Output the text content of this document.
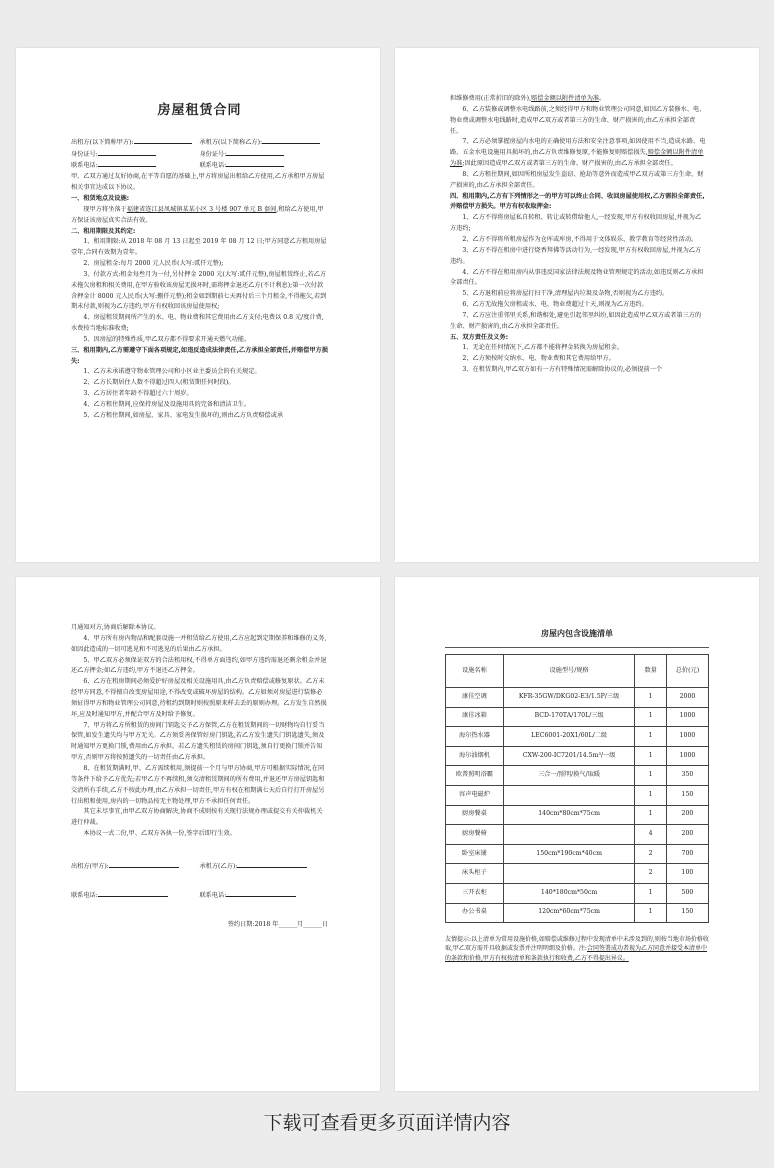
房屋租赁合同
出租方(以下简称甲方):	承租方(以下简称乙方):
身份证号:	身份证号:
联系电话:	联系电话:

甲、乙双方通过友好协商,在平等自愿的基础上,甲方将房屋出租给乙方使用,乙方承租甲方房屋相关事宜达成以下协议。

一、租赁地点及设施:

现甲方将坐落于福建省连江县凤城镇某某小区 3 号楼 907 单元 B 套间,租给乙方使用,甲方保证该房屋真实合法有效。

二、租用期限及其约定:

1、租用期限:从 2018 年 08 月 13 日起至 2019 年 08 月 12 日;甲方同意乙方租用房屋壹年,合同有效期为壹年。

2、房屋租金:每月 2000 元人民币(大写:贰仟元整);

3、付款方式:租金每叁月为一付,另付押金 2000 元(大写:贰仟元整),房屋租赁终止,若乙方未拖欠房租和相关费用,在甲方验收该房屋无损坏时,需将押金退还乙方(不计利息);第一次付款含押金计 8000 元人民币(大写:捌仟元整);租金如到期前七天再付后三个月租金,不得拖欠,若到期未付款,则视为乙方违约,甲方有权收回该房屋使用权;

4、房屋租赁期间所产生的水、电、物业费和其它费用由乙方支付;电费以 0.8 元/度计费,水费按当地标准收费;

5、因房屋的特殊性质,甲乙双方都不得要求开通天燃气功能。

三、租用期内,乙方需遵守下面各项规定,如违反造成法律责任,乙方承担全部责任,并赔偿甲方损失:

1、乙方未承诺遵守物业管理公司和小区业主委员会的有关规定。

2、乙方长期居住人数不得超过四人(租赁期任何时段)。

3、乙方居住者年龄不得超过六十周岁。

4、乙方租住期间,应保持房屋及设施用具的完备和清洁卫生。

5、乙方租住期间,如房屋、家具、家电发生损坏的,则由乙方负责赔偿或承

担维修费用(正常折旧的除外),赔偿金额以附件清单为准。

6、乙方装修或调整水电线路前,之须经得甲方和物业管理公司同意,如因乙方装修水、电、物业费或调整水电线路时,造成甲乙双方或者第三方的生命、财产损害的,由乙方承担全部责任。

7、乙方必须掌握房屋内水电的正确使用方法和安全注意事项,如因使用不当,造成水路、电路、五金水电设施用具损坏的,由乙方负责维修复原,不能修复则赔偿损失,赔偿金额以附件清单为准;因此原因造成甲乙双方或者第三方的生命、财产损害的,由乙方承担全部责任。

8、乙方租住期间,如因所租房屋发生盗窃、抢劫等意外而造成甲乙双方或第三方生命、财产损害的,由乙方承担全部责任。

四、租用期内,乙方有下列情形之一的甲方可以终止合同、收回房屋使用权,乙方需担全部责任,并赔偿甲方损失。甲方有权收取押金:

1、乙方不得将房屋私自转租、转让或转借给他人,一经发现,甲方有权收回房屋,并视为乙方违约;

2、乙方不得将所租房屋作为仓库或库房,不得用于文体娱乐、教学教育等经营性活动。

3、乙方不得在租房中进行烧香拜佛等活动行为,一经发现,甲方有权收回房屋,并视为乙方违约。

4、乙方不得在租用房内从事违反国家法律法规及物业管理规定的活动,如违反则乙方承担全部责任。

5、乙方退租前应将房屋打扫干净,清理屋内垃圾及杂物,否则视为乙方违约。

6、乙方无故拖欠房租或水、电、物业费超过十天,则视为乙方违约。

7、乙方应注重邻里关系,和谐相处,避免引起邻里纠纷,如因此造成甲乙双方或者第三方的生命、财产损害的,由乙方承担全部责任。

五、双方责任及义务:

1、无论在任何情况下,乙方都不能将押金转换为房屋租金。

2、乙方须按时交纳水、电、物业费和其它费用给甲方。

3、在租赁期内,甲乙双方如有一方有特殊情况需解除协议的,必须提前一个

月通知对方,协商后解除本协议。

4、甲方所有房内物品和配套设施一并租赁给乙方使用,乙方应起到定期保养和维修的义务,如因此造成的一切可逃见和不可逃见的后果由乙方承担。

5、甲乙双方必须保证双方的合法租用权,不得单方面违约,如甲方违约需退还剩余租金并退还乙方押金;如乙方违约,甲方不退还乙方押金。

6、乙方在租房期间必须爱护好房屋及相关设施用具,由乙方负责赔偿或修复原状。乙方未经甲方同意,不得擅自改变房屋用途,不得改变或破坏房屋的结构。乙方如须对房屋进行装修必须征得甲方和物业管理公司同意,待租约到期时则按照原来样去丢的原则办理。乙方发生自然损坏,应及时通知甲方,并配合甲方及时给予修复。

7、甲方将乙方所租赁的房间门钥匙交予乙方保管,乙方在租赁期间的一切财物均自行妥当保管,如发生遗失均与甲方无关。乙方须妥善保管好房门钥匙,若乙方发生遗失门钥匙遗失,须及时通知甲方更换门锁,费用由乙方承担。若乙方遗失租赁的房间门钥匙,须自行更换门锁并告知甲方,否则甲方将按照遗失的一切责任由乙方承担。

8、在租赁期满时,甲、乙方需续租用,须提前一个月与甲方协商,甲方可根据实际情况,在同等条件下给予乙方优先;若甲乙方不再续租,须交清租赁期间的所有费用,并退还甲方房屋钥匙和交清所有手续,乙方不按此办理,由乙方承担一切责任,甲方有权在租期满七天后自行打开房屋另行出租和使用,房内的一切物品按无主物处理,甲方不承担任何责任。

其它未尽事宜,由甲乙双方协商解决,协商不成则按有关现行法规办理或提交有关仲裁机关进行仲裁。

本协议一式二份,甲、乙双方各执一份,签字后即行生效。

出租方(甲方):	承租方(乙方):
联系电话:	联系电话:
签约日期:2018 年______月______日
房屋内包含设施清单
设施名称	设施型号/规格	数量	总价(元)
康佳空调	KFR-35GW/DKG02-E3/1.5P/三级	1	2000
康佳冰箱	BCD-170TA/170L/三级	1	1000
海尔热水器	LEC6001-20X1/60L/二级	1	1000
海尔油烟机	CXW-200-IC7201/14.5m³/一级	1	1000
欧普照明浴霸	三合一/照明/换气/取暖	1	350
容声电磁炉		1	150
厨房餐桌	140cm*80cm*75cm	1	200
厨房餐椅		4	200
卧室床铺	150cm*190cm*40cm	2	700
床头柜子		2	100
三开衣柜	140*180cm*50cm	1	500
办公书桌	120cm*60cm*75cm	1	150
友情提示:以上清单为常用设施价格,如赔偿或维修过程中发现清单中未涉及到的,则按当地市场价格收取,甲乙双方需开具收据或发票并注明明细及价格。注:合同签署成功者视为乙方同意并接受本清单中的条款和价格,甲方有权按清单和条款执行和收费,乙方不得提出异议。
下载可查看更多页面详情内容
